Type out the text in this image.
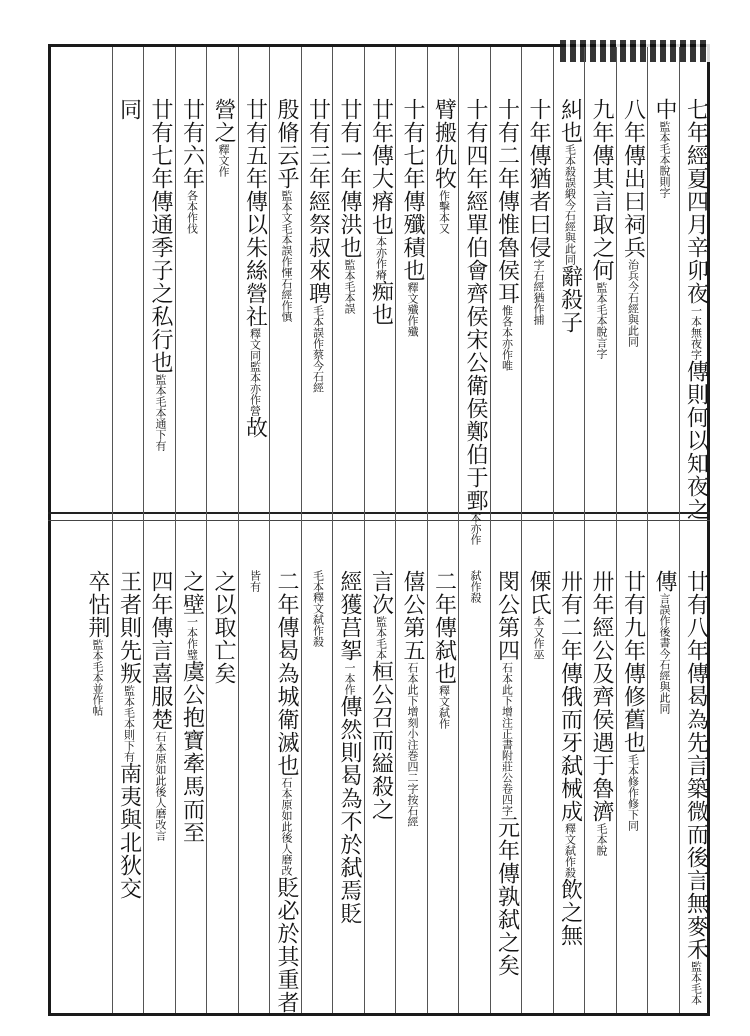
七年經夏四月辛卯夜一本無夜字傳則何以知夜之
中監本毛本脫則字
八年傳出曰祠兵治兵今石經與此同
九年傳其言取之何監本毛本脫言字
糾也毛本殺誤緞今石經與此同辭殺子
十年傳猶者曰侵字石經猶作捕
十有二年傳惟魯侯耳惟各本亦作唯
十有四年經單伯會齊侯宋公衛侯鄭伯于鄄本亦作
臂搬仇牧作擊本又
十有七年傳殲積也釋文殲作殲
廿年傳大瘠也本亦作瘠痴也
廿有一年傳洪也監本毛本誤
廿有三年經祭叔來聘毛本誤作蔡今石經
殷脩云乎監本文毛本誤作惲石經作慎
廿有五年傳以朱絲營社釋文同監本亦作營故
營之釋文作
廿有六年各本作伐
廿有七年傳通季子之私行也監本毛本通下有
同
廿有八年傳曷為先言築微而後言無麥禾監本毛本
傳言誤作後書今石經與此同
廿有九年傳修舊也毛本修作修下同
卅年經公及齊侯遇于魯濟毛本脫
卅有二年傳俄而牙弑械成釋文弑作殺飲之無
傈氏本又作巫
閔公第四石本此下增注正書附莊公卷四字元年傳孰弑之矣
弑作殺
二年傳弑也釋文弑作
僖公第五石本此下增刻小注巻四二字按石經
言次監本毛本桓公召而縊殺之
經獲莒挐一本作傳然則曷為不於弑焉貶
毛本釋文弑作殺
二年傳曷為城衛滅也石本原如此後人磨改貶必於其重者
皆有
之以取亡矣
之壁一本作璧虞公抱寶牽馬而至
四年傳言喜服楚石本原如此後人磨改言
王者則先叛監本毛本則下有南夷與北狄交
卒怙荆監本毛本並作帖
